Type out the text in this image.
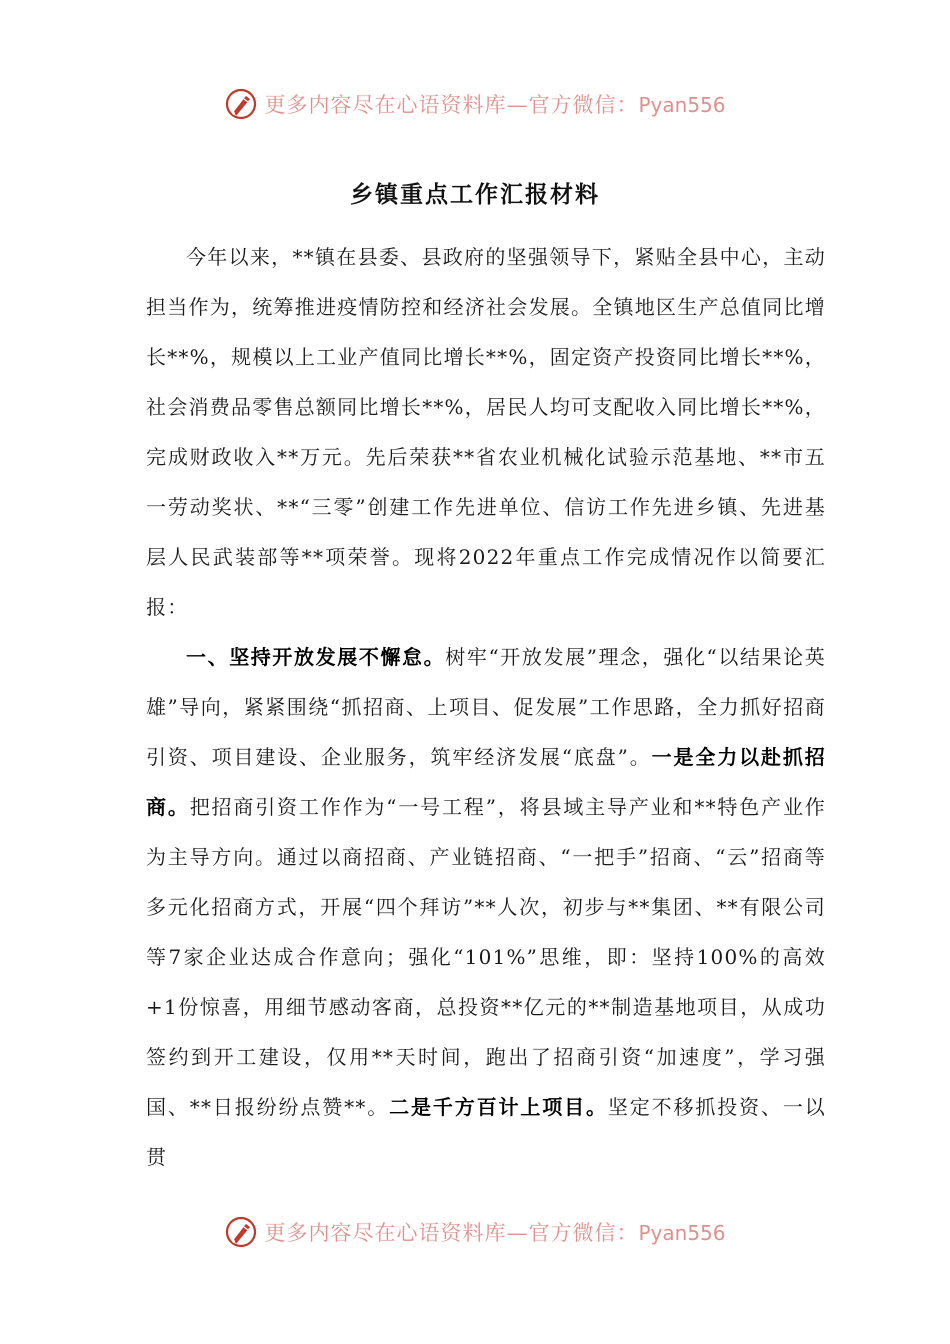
更多内容尽在心语资料库—官方微信：Pyan556
乡镇重点工作汇报材料

今年以来，**镇在县委、县政府的坚强领导下，紧贴全县中心，主动担当作为，统筹推进疫情防控和经济社会发展。全镇地区生产总值同比增长**%，规模以上工业产值同比增长**%，固定资产投资同比增长**%，社会消费品零售总额同比增长**%，居民人均可支配收入同比增长**%，完成财政收入**万元。先后荣获**省农业机械化试验示范基地、**市五一劳动奖状、**“三零”创建工作先进单位、信访工作先进乡镇、先进基层人民武装部等**项荣誉。现将2022年重点工作完成情况作以简要汇报：

一、坚持开放发展不懈怠。树牢“开放发展”理念，强化“以结果论英雄”导向，紧紧围绕“抓招商、上项目、促发展”工作思路，全力抓好招商引资、项目建设、企业服务，筑牢经济发展“底盘”。一是全力以赴抓招商。把招商引资工作作为“一号工程”，将县域主导产业和**特色产业作为主导方向。通过以商招商、产业链招商、“一把手”招商、“云”招商等多元化招商方式，开展“四个拜访”**人次，初步与**集团、**有限公司等7家企业达成合作意向；强化“101%”思维，即：坚持100%的高效+1份惊喜，用细节感动客商，总投资**亿元的**制造基地项目，从成功签约到开工建设，仅用**天时间，跑出了招商引资“加速度”，学习强国、**日报纷纷点赞**。二是千方百计上项目。坚定不移抓投资、一以贯

更多内容尽在心语资料库—官方微信：Pyan556
